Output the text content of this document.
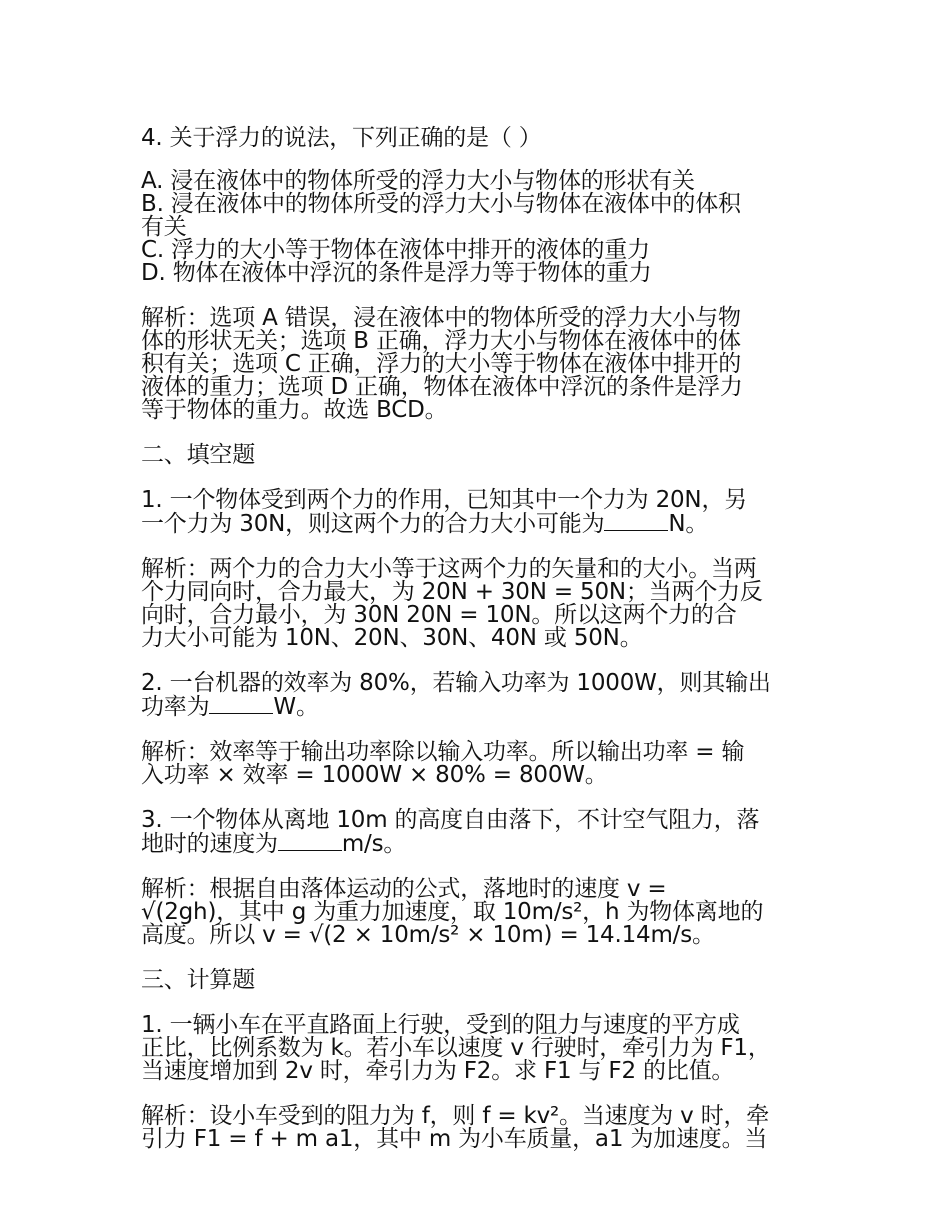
4. 关于浮力的说法，下列正确的是（ ）
A. 浸在液体中的物体所受的浮力大小与物体的形状有关
B. 浸在液体中的物体所受的浮力大小与物体在液体中的体积
有关
C. 浮力的大小等于物体在液体中排开的液体的重力
D. 物体在液体中浮沉的条件是浮力等于物体的重力
解析：选项 A 错误，浸在液体中的物体所受的浮力大小与物
体的形状无关；选项 B 正确，浮力大小与物体在液体中的体
积有关；选项 C 正确，浮力的大小等于物体在液体中排开的
液体的重力；选项 D 正确，物体在液体中浮沉的条件是浮力
等于物体的重力。故选 BCD。
二、填空题
1. 一个物体受到两个力的作用，已知其中一个力为 20N，另
一个力为 30N，则这两个力的合力大小可能为	N。
解析：两个力的合力大小等于这两个力的矢量和的大小。当两
个力同向时，合力最大，为 20N + 30N = 50N；当两个力反
向时，合力最小，为 30N 20N = 10N。所以这两个力的合
力大小可能为 10N、20N、30N、40N 或 50N。
2. 一台机器的效率为 80%，若输入功率为 1000W，则其输出
功率为	W。
解析：效率等于输出功率除以输入功率。所以输出功率 = 输
入功率 × 效率 = 1000W × 80% = 800W。
3. 一个物体从离地 10m 的高度自由落下，不计空气阻力，落
地时的速度为	m/s。
解析：根据自由落体运动的公式，落地时的速度 v =
√(2gh)，其中 g 为重力加速度，取 10m/s²，h 为物体离地的
高度。所以 v = √(2 × 10m/s² × 10m) = 14.14m/s。
三、计算题
1. 一辆小车在平直路面上行驶，受到的阻力与速度的平方成
正比，比例系数为 k。若小车以速度 v 行驶时，牵引力为 F1，
当速度增加到 2v 时，牵引力为 F2。求 F1 与 F2 的比值。
解析：设小车受到的阻力为 f，则 f = kv²。当速度为 v 时，牵
引力 F1 = f + m a1，其中 m 为小车质量，a1 为加速度。当
